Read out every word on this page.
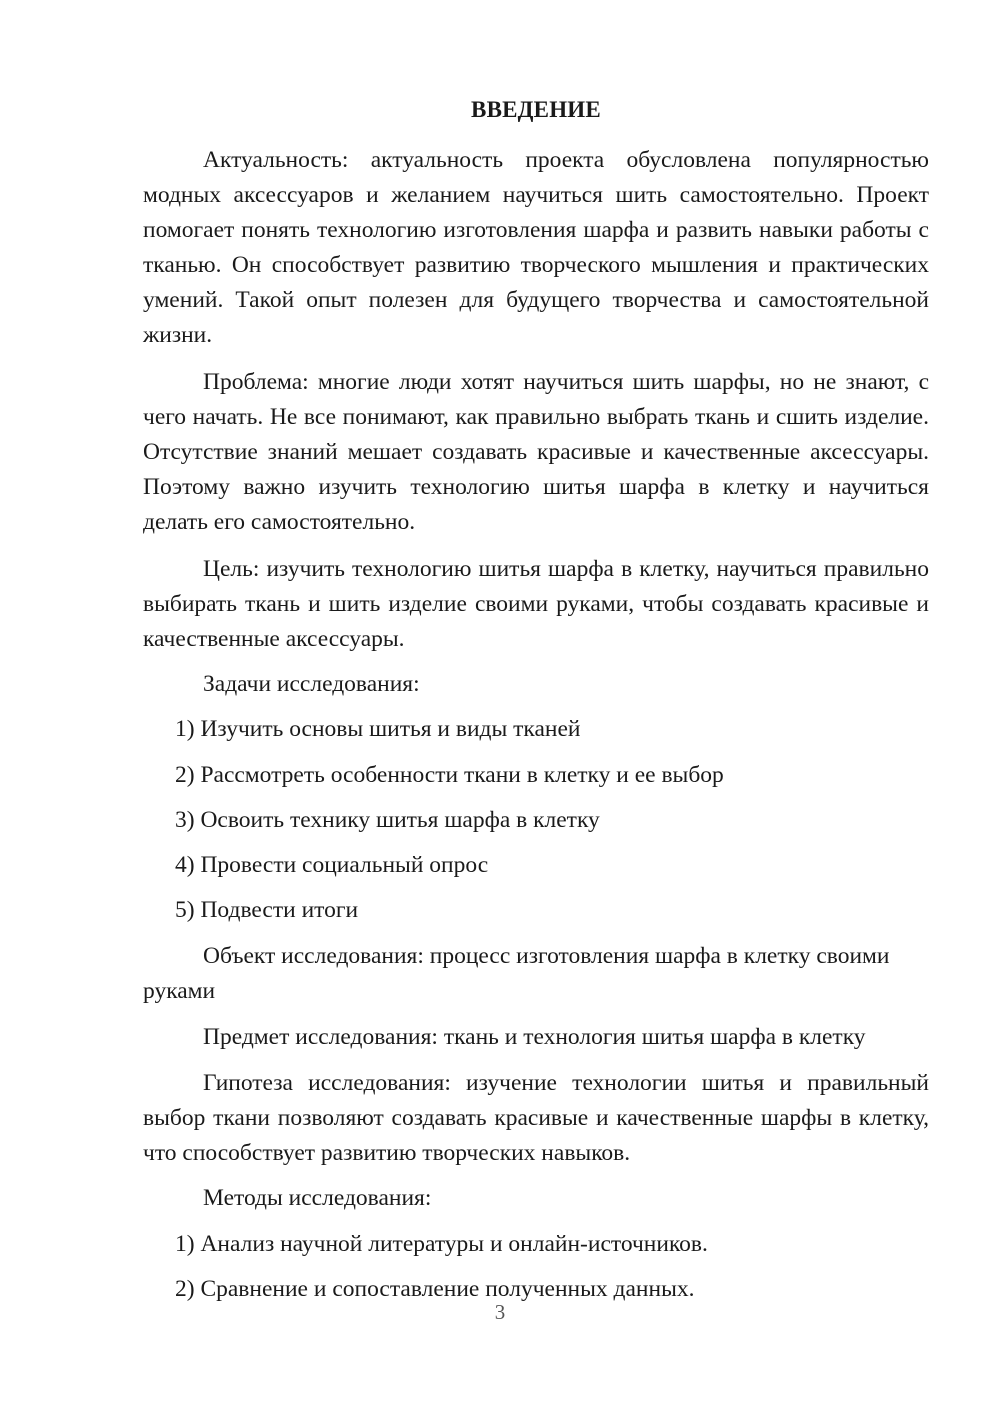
ВВЕДЕНИЕ

Актуальность: актуальность проекта обусловлена популярностью модных аксессуаров и желанием научиться шить самостоятельно. Проект помогает понять технологию изготовления шарфа и развить навыки работы с тканью. Он способствует развитию творческого мышления и практических умений. Такой опыт полезен для будущего творчества и самостоятельной жизни.

Проблема: многие люди хотят научиться шить шарфы, но не знают, с чего начать. Не все понимают, как правильно выбрать ткань и сшить изделие. Отсутствие знаний мешает создавать красивые и качественные аксессуары. Поэтому важно изучить технологию шитья шарфа в клетку и научиться делать его самостоятельно.

Цель: изучить технологию шитья шарфа в клетку, научиться правильно выбирать ткань и шить изделие своими руками, чтобы создавать красивые и качественные аксессуары.

Задачи исследования:
1) Изучить основы шитья и виды тканей
2) Рассмотреть особенности ткани в клетку и ее выбор
3) Освоить технику шитья шарфа в клетку
4) Провести социальный опрос
5) Подвести итоги

Объект исследования: процесс изготовления шарфа в клетку своими руками

Предмет исследования: ткань и технология шитья шарфа в клетку

Гипотеза исследования: изучение технологии шитья и правильный выбор ткани позволяют создавать красивые и качественные шарфы в клетку, что способствует развитию творческих навыков.

Методы исследования:
1) Анализ научной литературы и онлайн-источников.
2) Сравнение и сопоставление полученных данных.
3
